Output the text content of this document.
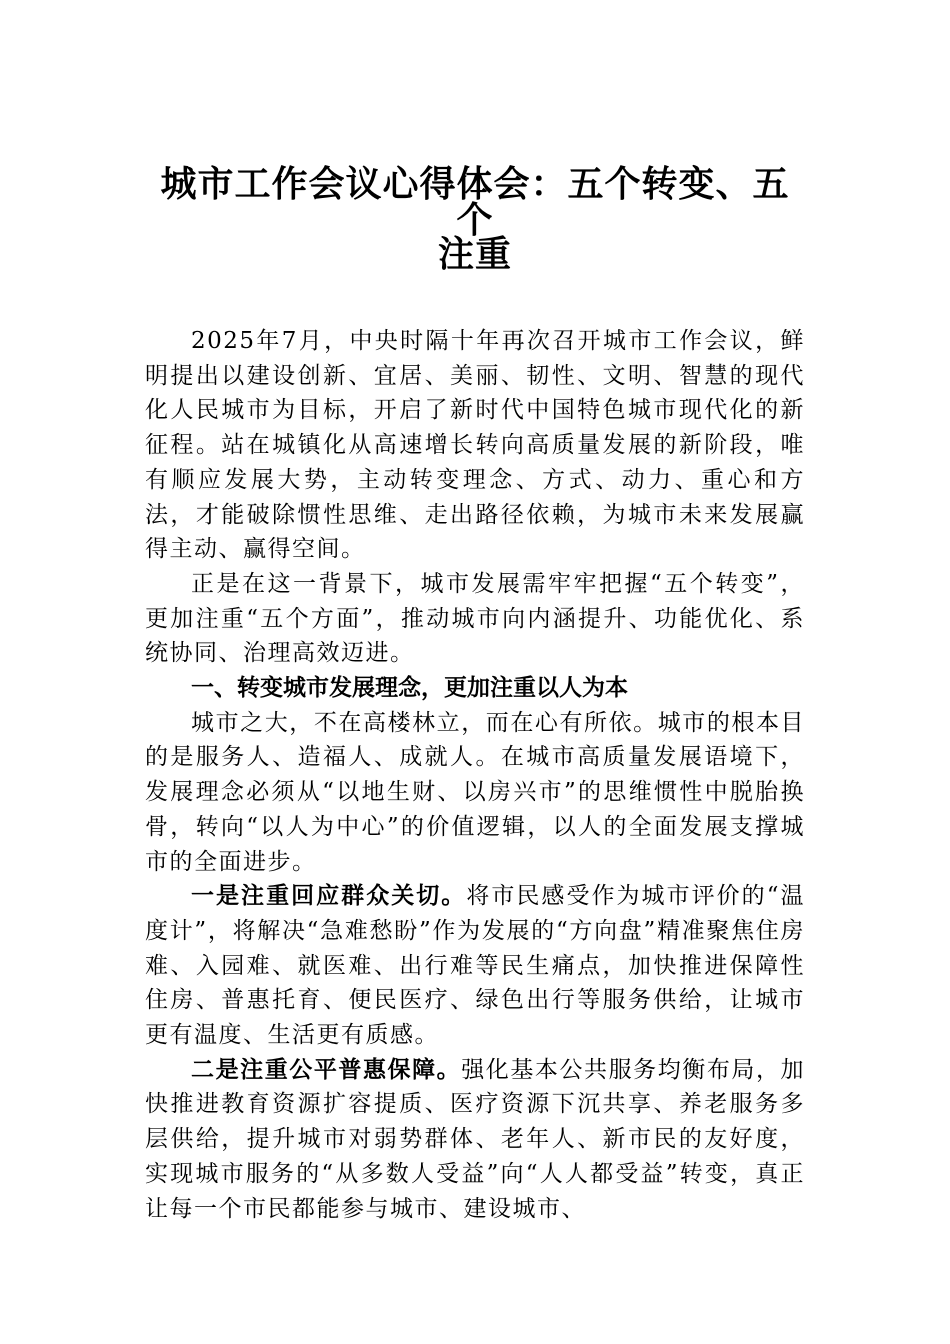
城市工作会议心得体会：五个转变、五个
注重

2025年7月，中央时隔十年再次召开城市工作会议，鲜明提出以建设创新、宜居、美丽、韧性、文明、智慧的现代化人民城市为目标，开启了新时代中国特色城市现代化的新征程。站在城镇化从高速增长转向高质量发展的新阶段，唯有顺应发展大势，主动转变理念、方式、动力、重心和方法，才能破除惯性思维、走出路径依赖，为城市未来发展赢得主动、赢得空间。

正是在这一背景下，城市发展需牢牢把握“五个转变”，更加注重“五个方面”，推动城市向内涵提升、功能优化、系统协同、治理高效迈进。

一、转变城市发展理念，更加注重以人为本

城市之大，不在高楼林立，而在心有所依。城市的根本目的是服务人、造福人、成就人。在城市高质量发展语境下，发展理念必须从“以地生财、以房兴市”的思维惯性中脱胎换骨，转向“以人为中心”的价值逻辑，以人的全面发展支撑城市的全面进步。

一是注重回应群众关切。将市民感受作为城市评价的“温度计”，将解决“急难愁盼”作为发展的“方向盘”精准聚焦住房难、入园难、就医难、出行难等民生痛点，加快推进保障性住房、普惠托育、便民医疗、绿色出行等服务供给，让城市更有温度、生活更有质感。

二是注重公平普惠保障。强化基本公共服务均衡布局，加快推进教育资源扩容提质、医疗资源下沉共享、养老服务多层供给，提升城市对弱势群体、老年人、新市民的友好度，实现城市服务的“从多数人受益”向“人人都受益”转变，真正让每一个市民都能参与城市、建设城市、
